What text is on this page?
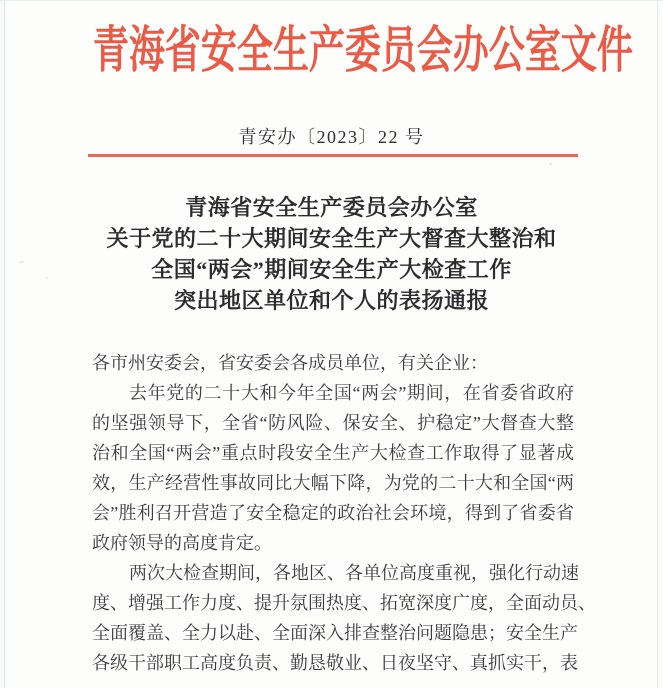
青海省安全生产委员会办公室文件
青安办〔2023〕22 号
青海省安全生产委员会办公室
关于党的二十大期间安全生产大督查大整治和
全国“两会”期间安全生产大检查工作
突出地区单位和个人的表扬通报
各市州安委会，省安委会各成员单位，有关企业：
去年党的二十大和今年全国“两会”期间，在省委省政府
的坚强领导下，全省“防风险、保安全、护稳定”大督查大整
治和全国“两会”重点时段安全生产大检查工作取得了显著成
效，生产经营性事故同比大幅下降，为党的二十大和全国“两
会”胜利召开营造了安全稳定的政治社会环境，得到了省委省
政府领导的高度肯定。
两次大检查期间，各地区、各单位高度重视，强化行动速
度、增强工作力度、提升氛围热度、拓宽深度广度，全面动员、
全面覆盖、全力以赴、全面深入排查整治问题隐患；安全生产
各级干部职工高度负责、勤恳敬业、日夜坚守、真抓实干，表
